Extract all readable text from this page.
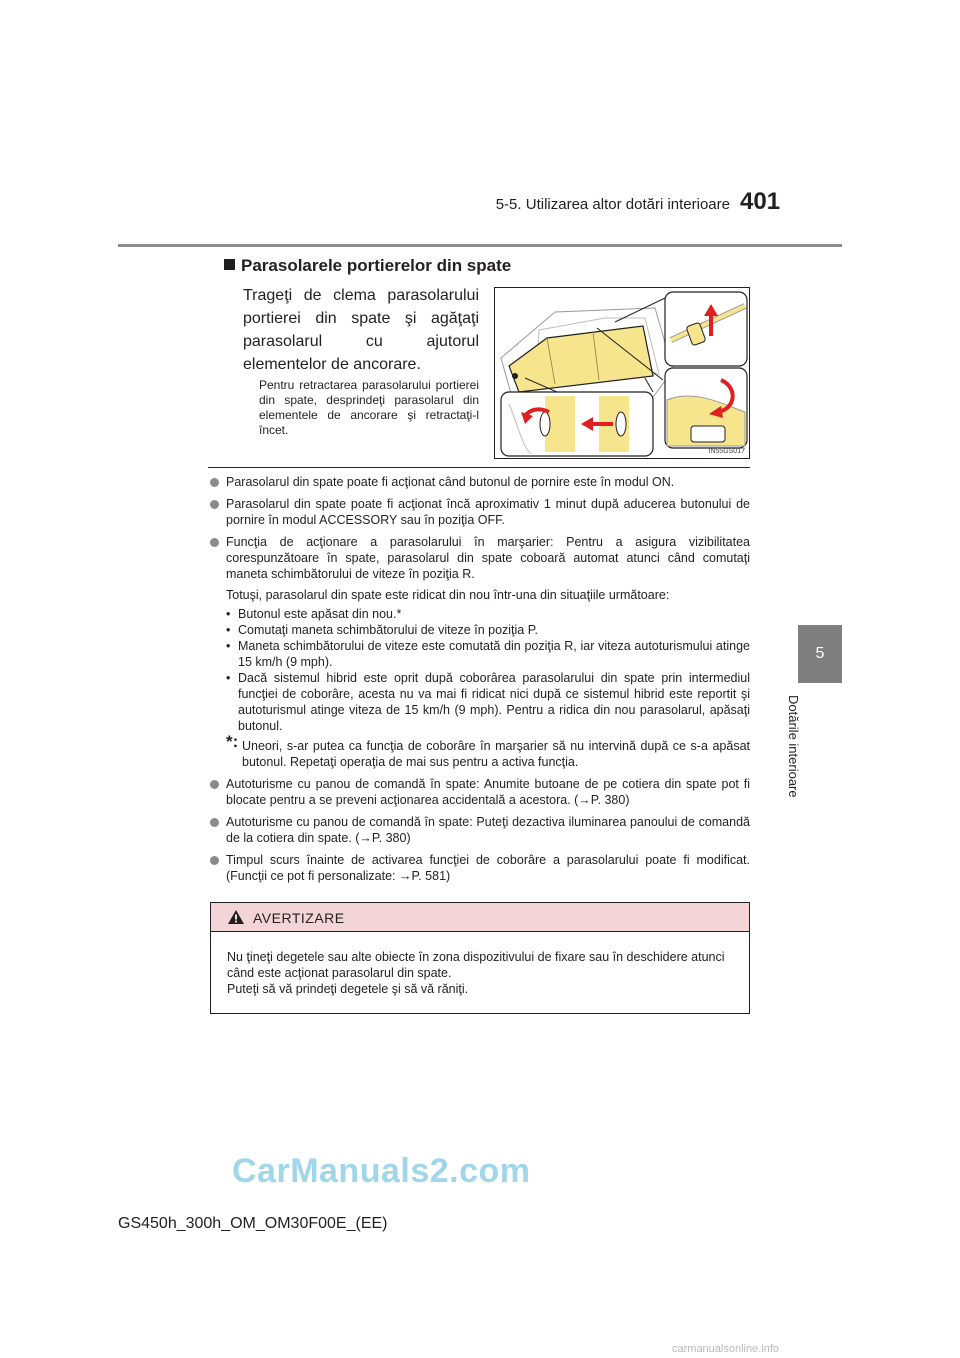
5-5. Utilizarea altor dotări interioare 401
5
Dotările interioare
Parasolarele portierelor din spate
Trageţi de clema parasolarului portierei din spate şi agăţaţi parasolarul cu ajutorul elementelor de ancorare.
Pentru retractarea parasolarului portierei din spate, desprindeţi parasolarul din elementele de ancorare şi retractaţi-l încet.
IN55GS017

Parasolarul din spate poate fi acţionat când butonul de pornire este în modul ON.

Parasolarul din spate poate fi acţionat încă aproximativ 1 minut după aducerea butonului de pornire în modul ACCESSORY sau în poziţia OFF.

Funcţia de acţionare a parasolarului în marşarier: Pentru a asigura vizibilitatea corespunzătoare în spate, parasolarul din spate coboară automat atunci când comutaţi maneta schimbătorului de viteze în poziţia R.

Totuşi, parasolarul din spate este ridicat din nou într-una din situaţiile următoare:

• Butonul este apăsat din nou.*
• Comutaţi maneta schimbătorului de viteze în poziţia P.
• Maneta schimbătorului de viteze este comutată din poziţia R, iar viteza autoturismului atinge 15 km/h (9 mph).
• Dacă sistemul hibrid este oprit după coborârea parasolarului din spate prin intermediul funcţiei de coborâre, acesta nu va mai fi ridicat nici după ce sistemul hibrid este reportit şi autoturismul atinge viteza de 15 km/h (9 mph). Pentru a ridica din nou parasolarul, apăsaţi butonul.
*: Uneori, s-ar putea ca funcţia de coborâre în marşarier să nu intervină după ce s-a apăsat butonul. Repetaţi operaţia de mai sus pentru a activa funcţia.

Autoturisme cu panou de comandă în spate: Anumite butoane de pe cotiera din spate pot fi blocate pentru a se preveni acţionarea accidentală a acestora. (→P. 380)

Autoturisme cu panou de comandă în spate: Puteţi dezactiva iluminarea panoului de comandă de la cotiera din spate. (→P. 380)

Timpul scurs înainte de activarea funcţiei de coborâre a parasolarului poate fi modificat. (Funcţii ce pot fi personalizate: →P. 581)

AVERTIZARE

Nu ţineţi degetele sau alte obiecte în zona dispozitivului de fixare sau în deschidere atunci când este acţionat parasolarul din spate.

Puteţi să vă prindeţi degetele şi să vă răniţi.

CarManuals2.com
GS450h_300h_OM_OM30F00E_(EE)
carmanualsonline.info
